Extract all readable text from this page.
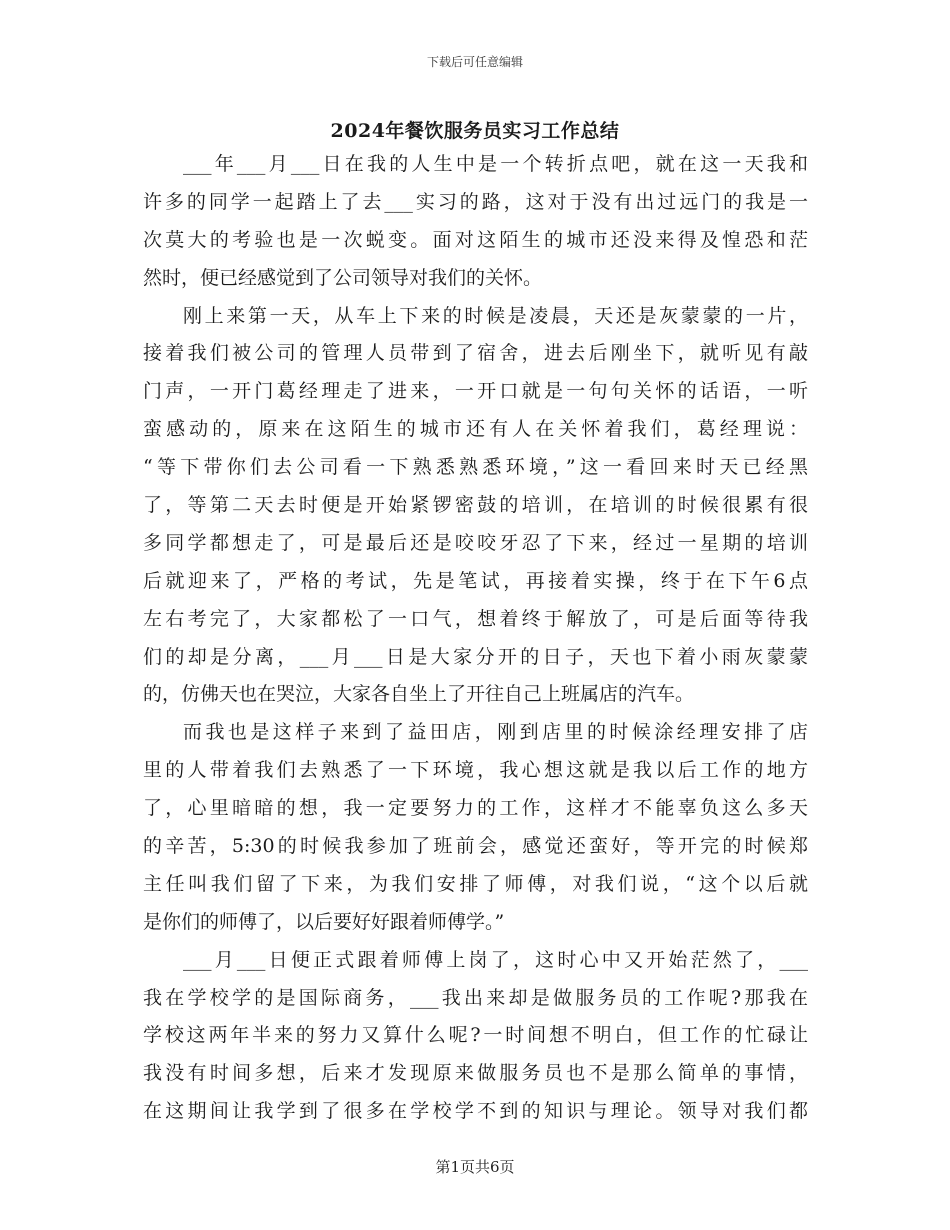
下载后可任意编辑
2024年餐饮服务员实习工作总结
___年___月___日在我的人生中是一个转折点吧，就在这一天我和
许多的同学一起踏上了去___实习的路，这对于没有出过远门的我是一
次莫大的考验也是一次蜕变。面对这陌生的城市还没来得及惶恐和茫
然时，便已经感觉到了公司领导对我们的关怀。
刚上来第一天，从车上下来的时候是凌晨，天还是灰蒙蒙的一片，
接着我们被公司的管理人员带到了宿舍，进去后刚坐下，就听见有敲
门声，一开门葛经理走了进来，一开口就是一句句关怀的话语，一听
蛮感动的，原来在这陌生的城市还有人在关怀着我们，葛经理说：
“等下带你们去公司看一下熟悉熟悉环境，”这一看回来时天已经黑
了，等第二天去时便是开始紧锣密鼓的培训，在培训的时候很累有很
多同学都想走了，可是最后还是咬咬牙忍了下来，经过一星期的培训
后就迎来了，严格的考试，先是笔试，再接着实操，终于在下午6点
左右考完了，大家都松了一口气，想着终于解放了，可是后面等待我
们的却是分离，___月___日是大家分开的日子，天也下着小雨灰蒙蒙
的，仿佛天也在哭泣，大家各自坐上了开往自己上班属店的汽车。
而我也是这样子来到了益田店，刚到店里的时候涂经理安排了店
里的人带着我们去熟悉了一下环境，我心想这就是我以后工作的地方
了，心里暗暗的想，我一定要努力的工作，这样才不能辜负这么多天
的辛苦，5:30的时候我参加了班前会，感觉还蛮好，等开完的时候郑
主任叫我们留了下来，为我们安排了师傅，对我们说，“这个以后就
是你们的师傅了，以后要好好跟着师傅学。”
___月___日便正式跟着师傅上岗了，这时心中又开始茫然了，___
我在学校学的是国际商务，___我出来却是做服务员的工作呢?那我在
学校这两年半来的努力又算什么呢?一时间想不明白，但工作的忙碌让
我没有时间多想，后来才发现原来做服务员也不是那么简单的事情，
在这期间让我学到了很多在学校学不到的知识与理论。领导对我们都
第1页共6页
